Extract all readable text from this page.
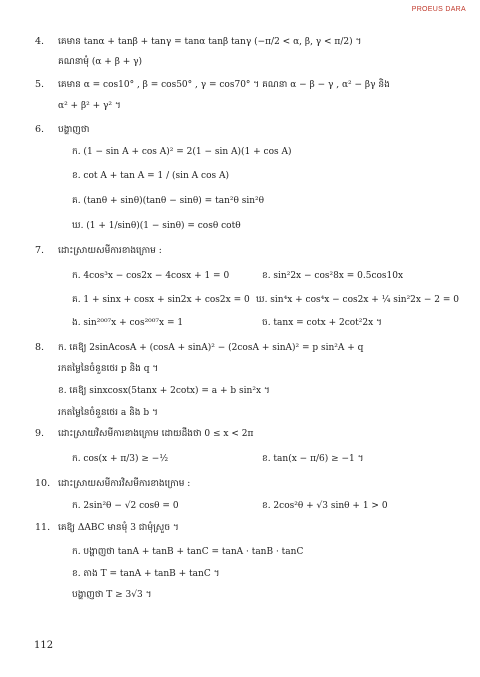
PROEUS DARA
4. គេមាន tanα + tanβ + tanγ = tanα tanβ tanγ (−π/2 < α, β, γ < π/2) ។
គណនាមុំ (α + β + γ)
5. គេមាន α = cos10° , β = cos50° , γ = cos70° ។ គណនា α − β − γ , α² − βγ និង
α² + β² + γ² ។
6. បង្ហាញថា
ក. (1 − sin A + cos A)² = 2(1 − sin A)(1 + cos A)
ខ. cot A + tan A = 1 / (sin A cos A)
គ. (tanθ + sinθ)(tanθ − sinθ) = tan²θ sin²θ
ឃ. (1 + 1/sinθ)(1 − sinθ) = cosθ cotθ
7. ដោះស្រាយសមីការខាងក្រោម :
ក. 4cos³x − cos2x − 4cosx + 1 = 0	ខ. sin²2x − cos²8x = 0.5cos10x
គ. 1 + sinx + cosx + sin2x + cos2x = 0 ឃ. sin⁴x + cos⁴x − cos2x + ¼ sin²2x − 2 = 0
ង. sin²⁰⁰⁷x + cos²⁰⁰⁷x = 1	ច. tanx = cotx + 2cot²2x ។
8. ក. គេឱ្យ 2sinAcosA + (cosA + sinA)² − (2cosA + sinA)² = p sin²A + q
រកតម្លៃនៃចំនួនថេរ p និង q ។
ខ. គេឱ្យ sinxcosx(5tanx + 2cotx) = a + b sin²x ។
រកតម្លៃនៃចំនួនថេរ a និង b ។
9. ដោះស្រាយវិសមីការខាងក្រោម ដោយដឹងថា 0 ≤ x < 2π
ក. cos(x + π/3) ≥ −½	ខ. tan(x − π/6) ≥ −1 ។
10. ដោះស្រាយសមីការវិសមីការខាងក្រោម :
ក. 2sin²θ − √2 cosθ = 0	ខ. 2cos²θ + √3 sinθ + 1 > 0
11. គេឱ្យ ΔABC មានមុំ 3 ជាមុំស្រួច ។
ក. បង្ហាញថា tanA + tanB + tanC = tanA · tanB · tanC
ខ. តាង T = tanA + tanB + tanC ។
បង្ហាញថា T ≥ 3√3 ។
112
